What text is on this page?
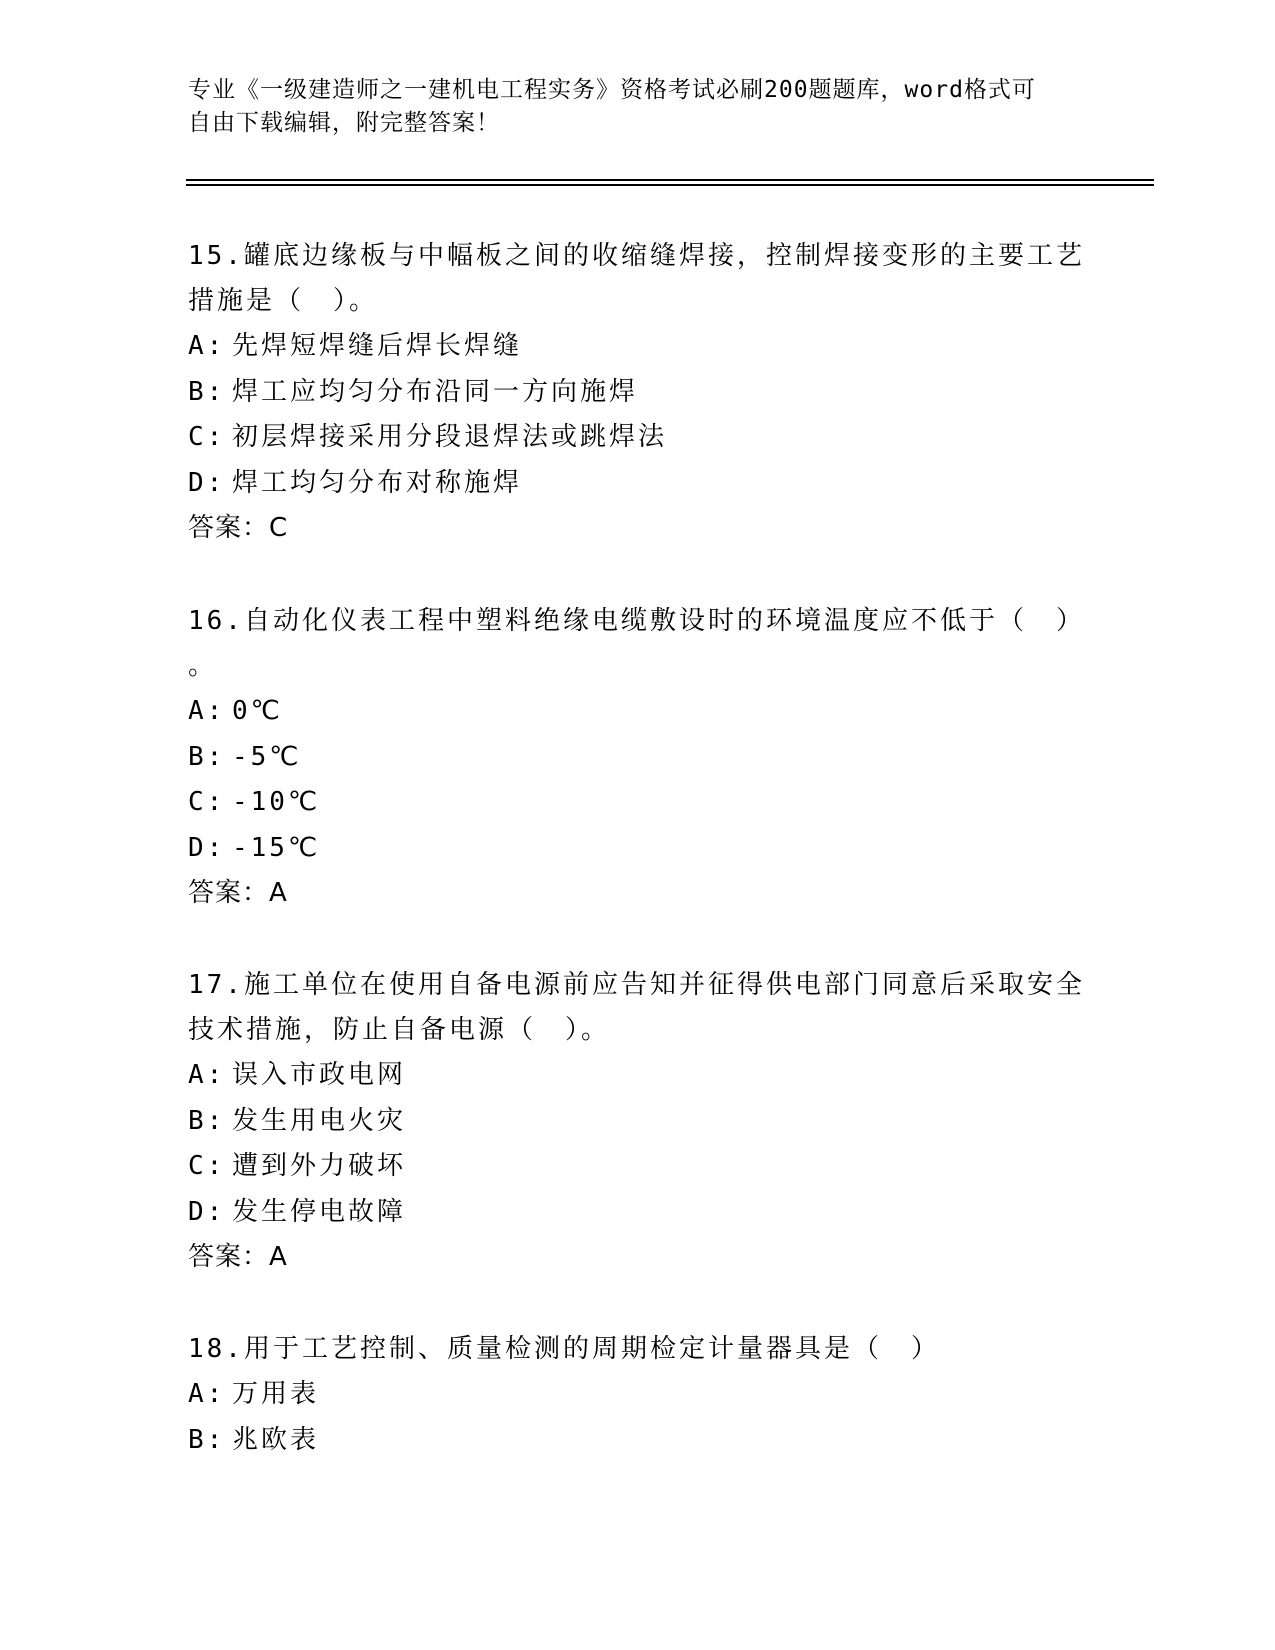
专业《一级建造师之一建机电工程实务》资格考试必刷200题题库，word格式可
自由下载编辑，附完整答案！
15.罐底边缘板与中幅板之间的收缩缝焊接，控制焊接变形的主要工艺
措施是（　）。
A: 先焊短焊缝后焊长焊缝
B: 焊工应均匀分布沿同一方向施焊
C: 初层焊接采用分段退焊法或跳焊法
D: 焊工均匀分布对称施焊
答案：C
16.自动化仪表工程中塑料绝缘电缆敷设时的环境温度应不低于（　）
。
A: 0℃
B: -5℃
C: -10℃
D: -15℃
答案：A
17.施工单位在使用自备电源前应告知并征得供电部门同意后采取安全
技术措施，防止自备电源（　）。
A: 误入市政电网
B: 发生用电火灾
C: 遭到外力破坏
D: 发生停电故障
答案：A
18.用于工艺控制、质量检测的周期检定计量器具是（　）
A: 万用表
B: 兆欧表
